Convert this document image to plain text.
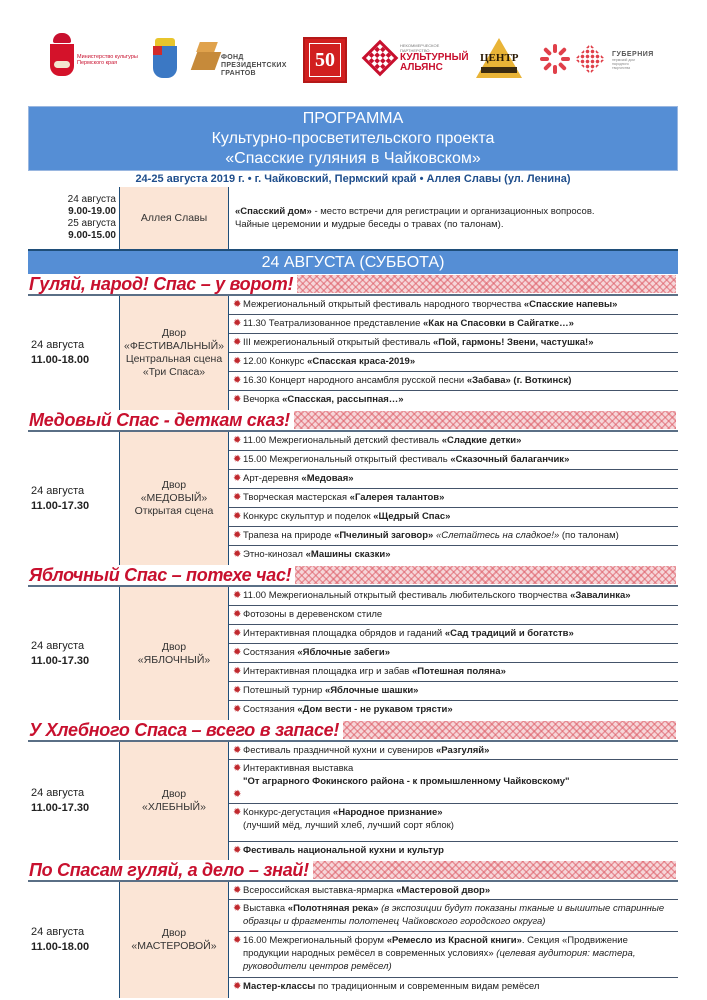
Министерство культуры Пермского края
ФОНД
ПРЕЗИДЕНТСКИХ
ГРАНТОВ
50
НЕКОММЕРЧЕСКОЕ
ПАРТНЕРСТВО
КУЛЬТУРНЫЙ
АЛЬЯНС
ЦЕНТР	ГУБЕРНИЯ
пермский дом
народного
творчества
ПРОГРАММА
Культурно-просветительского проекта
«Спасские гуляния в Чайковском»
24-25 августа 2019 г. • г. Чайковский, Пермский край • Аллея Славы (ул. Ленина)
24 августа
9.00-19.00
25 августа
9.00-15.00
Аллея Славы	«Спасский дом» - место встречи для регистрации и организационных вопросов.
Чайные церемонии и мудрые беседы о травах (по талонам).
24 АВГУСТА (СУББОТА)
Гуляй, народ! Спас – у ворот!
24 августа
11.00-18.00
Двор
«ФЕСТИВАЛЬНЫЙ»
Центральная сцена
«Три Спаса»
✹ Межрегиональный открытый фестиваль народного творчества «Спасские напевы»
✹ 11.30 Театрализованное представление «Как на Спасовки в Сайгатке…»
✹ III межрегиональный открытый фестиваль «Пой, гармонь! Звени, частушка!»
✹ 12.00 Конкурс «Спасская краса-2019»
✹ 16.30 Концерт народного ансамбля русской песни «Забава» (г. Воткинск)
✹ Вечорка «Спасская, рассыпная…»
Медовый Спас - деткам сказ!
24 августа
11.00-17.30
Двор
«МЕДОВЫЙ»
Открытая сцена
✹ 11.00 Межрегиональный детский фестиваль «Сладкие детки»
✹ 15.00 Межрегиональный открытый фестиваль «Сказочный балаганчик»
✹ Арт-деревня «Медовая»
✹ Творческая мастерская «Галерея талантов»
✹ Конкурс скульптур и поделок «Щедрый Спас»
✹ Трапеза на природе «Пчелиный заговор» «Слетайтесь на сладкое!» (по талонам)
✹ Этно-кинозал «Машины сказки»
Яблочный Спас – потехе час!
24 августа
11.00-17.30
Двор
«ЯБЛОЧНЫЙ»
✹ 11.00 Межрегиональный открытый фестиваль любительского творчества «Завалинка»
✹ Фотозоны в деревенском стиле
✹ Интерактивная площадка обрядов и гаданий «Сад традиций и богатств»
✹ Состязания «Яблочные забеги»
✹ Интерактивная площадка игр и забав «Потешная поляна»
✹ Потешный турнир «Яблочные шашки»
✹ Состязания «Дом вести - не рукавом трясти»
У Хлебного Спаса – всего в запасе!
24 августа
11.00-17.30
Двор
«ХЛЕБНЫЙ»
✹ Фестиваль праздничной кухни и сувениров «Разгуляй»
✹

✹
Интерактивная выставка
"От аграрного Фокинского района - к промышленному Чайковскому"
✹ Конкурс-дегустация «Народное признание»
(лучший мёд, лучший хлеб, лучший сорт яблок)
✹ Фестиваль национальной кухни и культур
По Спасам гуляй, а дело – знай!
24 августа
11.00-18.00
Двор
«МАСТЕРОВОЙ»
✹ Всероссийская выставка-ярмарка «Мастеровой двор»
✹ Выставка «Полотняная река» (в экспозиции будут показаны тканые и вышитые старинные образцы и фрагменты полотенец Чайковского городского округа)
✹ 16.00 Межрегиональный форум «Ремесло из Красной книги». Секция «Продвижение продукции народных ремёсел в современных условиях» (целевая аудитория: мастера, руководители центров ремёсел)
✹ Мастер-классы по традиционным и современным видам ремёсел
